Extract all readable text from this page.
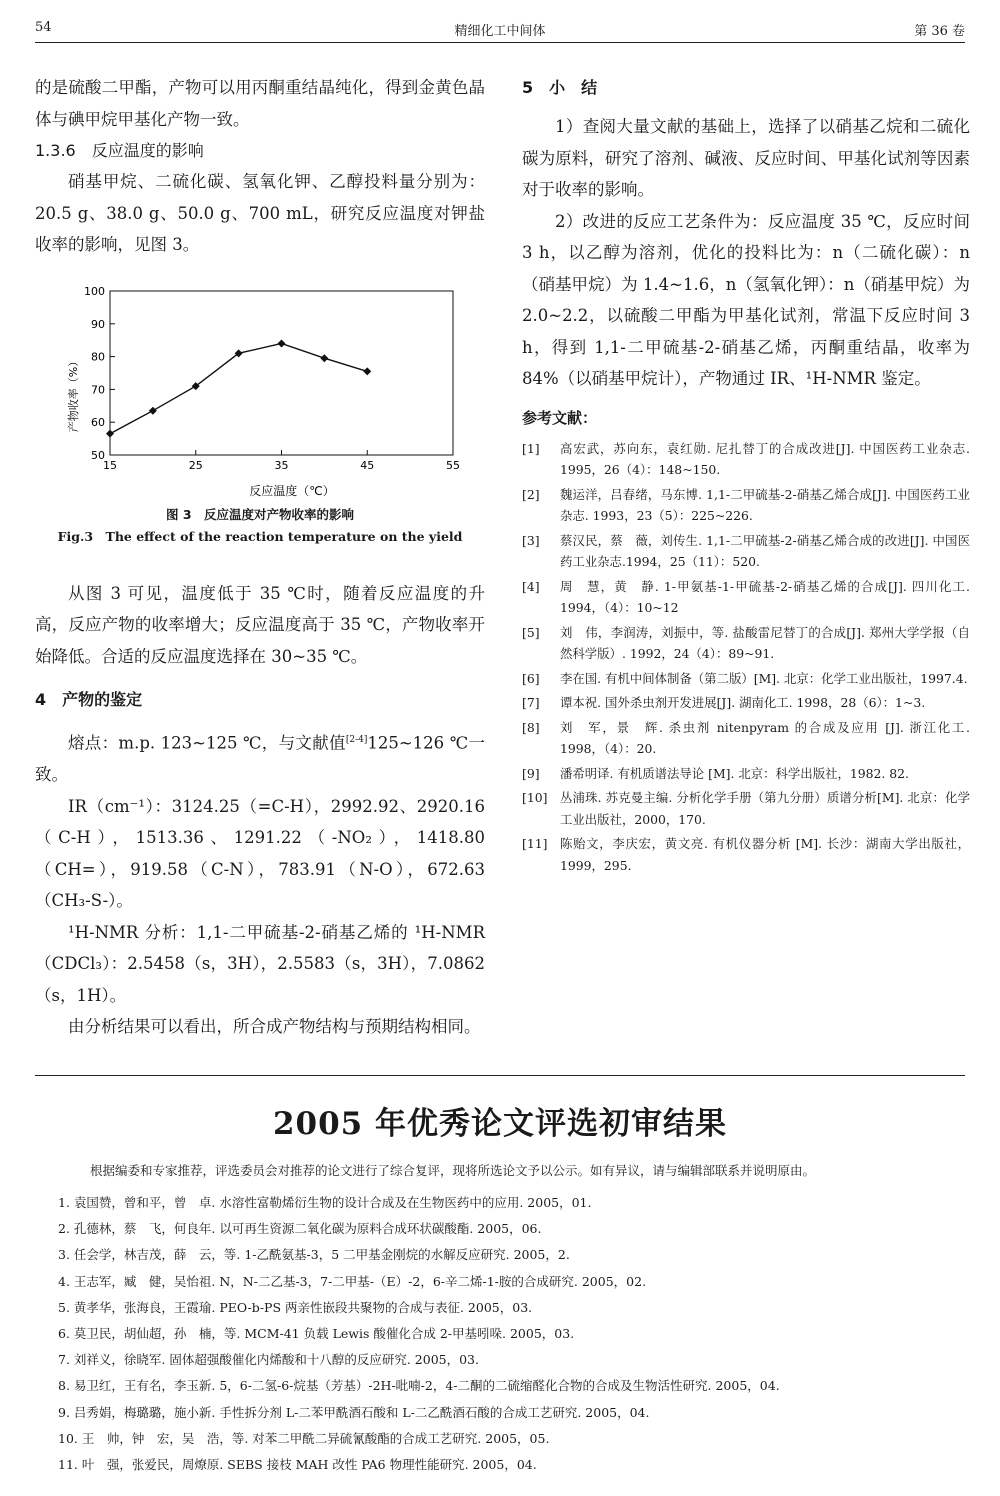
54	精细化工中间体	第 36 卷

的是硫酸二甲酯，产物可以用丙酮重结晶纯化，得到金黄色晶体与碘甲烷甲基化产物一致。

1.3.6　反应温度的影响

硝基甲烷、二硫化碳、氢氧化钾、乙醇投料量分别为：20.5 g、38.0 g、50.0 g、700 mL，研究反应温度对钾盐收率的影响，见图 3。

50
60
70
80
90
100
15	25	35	45	55
反应温度（℃）
产物收率（%）

图 3　反应温度对产物收率的影响

Fig.3　The effect of the reaction temperature on the yield

从图 3 可见，温度低于 35 ℃时，随着反应温度的升高，反应产物的收率增大；反应温度高于 35 ℃，产物收率开始降低。合适的反应温度选择在 30~35 ℃。

4　产物的鉴定

熔点：m.p. 123~125 ℃，与文献值[2-4]125~126 ℃一致。

IR（cm⁻¹）：3124.25（=C-H），2992.92、2920.16（C-H），1513.36、1291.22（-NO₂），1418.80（CH=），919.58（C-N），783.91（N-O），672.63（CH₃-S-）。

¹H-NMR 分析：1,1-二甲硫基-2-硝基乙烯的 ¹H-NMR（CDCl₃）：2.5458（s，3H），2.5583（s，3H），7.0862（s，1H）。

由分析结果可以看出，所合成产物结构与预期结构相同。

5　小　结

1）查阅大量文献的基础上，选择了以硝基乙烷和二硫化碳为原料，研究了溶剂、碱液、反应时间、甲基化试剂等因素对于收率的影响。

2）改进的反应工艺条件为：反应温度 35 ℃，反应时间 3 h，以乙醇为溶剂，优化的投料比为：n（二硫化碳）：n（硝基甲烷）为 1.4~1.6，n（氢氧化钾）：n（硝基甲烷）为 2.0~2.2，以硫酸二甲酯为甲基化试剂，常温下反应时间 3 h，得到 1,1-二甲硫基-2-硝基乙烯，丙酮重结晶，收率为 84%（以硝基甲烷计），产物通过 IR、¹H-NMR 鉴定。

参考文献：

[1]	高宏武，苏向东，袁红勋. 尼扎替丁的合成改进[J]. 中国医药工业杂志. 1995，26（4）：148~150.
[2]	魏运洋，吕春绪，马东博. 1,1-二甲硫基-2-硝基乙烯合成[J]. 中国医药工业杂志. 1993，23（5）：225~226.
[3]	蔡汉民，蔡　薇，刘传生. 1,1-二甲硫基-2-硝基乙烯合成的改进[J]. 中国医药工业杂志.1994，25（11）：520.
[4]	周　慧，黄　静. 1-甲氨基-1-甲硫基-2-硝基乙烯的合成[J]. 四川化工. 1994，（4）：10~12
[5]	刘　伟，李润涛，刘振中，等. 盐酸雷尼替丁的合成[J]. 郑州大学学报（自然科学版）. 1992，24（4）：89~91.
[6]	李在国. 有机中间体制备（第二版）[M]. 北京：化学工业出版社，1997.4.
[7]	谭本祝. 国外杀虫剂开发进展[J]. 湖南化工. 1998，28（6）：1~3.
[8]	刘　军，景　辉. 杀虫剂 nitenpyram 的合成及应用 [J]. 浙江化工. 1998，（4）：20.
[9]	潘希明译. 有机质谱法导论 [M]. 北京：科学出版社，1982. 82.
[10]	丛浦珠. 苏克曼主编. 分析化学手册（第九分册）质谱分析[M]. 北京：化学工业出版社，2000，170.
[11]	陈贻文，李庆宏，黄文亮. 有机仪器分析 [M]. 长沙：湖南大学出版社，1999，295.
2005 年优秀论文评选初审结果
根据编委和专家推荐，评选委员会对推荐的论文进行了综合复评，现将所选论文予以公示。如有异议，请与编辑部联系并说明原由。
1. 袁国赞，曾和平，曾　卓. 水溶性富勒烯衍生物的设计合成及在生物医药中的应用. 2005，01.
2. 孔德林，蔡　飞，何良年. 以可再生资源二氧化碳为原料合成环状碳酸酯. 2005，06.
3. 任会学，林吉茂，薛　云，等. 1-乙酰氨基-3，5 二甲基金刚烷的水解反应研究. 2005，2.
4. 王志军，臧　健，吴怡祖. N，N-二乙基-3，7-二甲基-（E）-2，6-辛二烯-1-胺的合成研究. 2005，02.
5. 黄孝华，张海良，王霞瑜. PEO-b-PS 两亲性嵌段共聚物的合成与表征. 2005，03.
6. 莫卫民，胡仙超，孙　楠，等. MCM-41 负载 Lewis 酸催化合成 2-甲基吲哚. 2005，03.
7. 刘祥义，徐晓军. 固体超强酸催化内烯酸和十八醇的反应研究. 2005，03.
8. 易卫红，王有名，李玉新. 5，6-二氢-6-烷基（芳基）-2H-吡喃-2，4-二酮的二硫缩醛化合物的合成及生物活性研究. 2005，04.
9. 吕秀娟，梅璐璐，施小新. 手性拆分剂 L-二苯甲酰酒石酸和 L-二乙酰酒石酸的合成工艺研究. 2005，04.
10. 王　帅，钟　宏，吴　浩，等. 对苯二甲酰二异硫氰酸酯的合成工艺研究. 2005，05.
11. 叶　强，张爱民，周燎原. SEBS 接枝 MAH 改性 PA6 物理性能研究. 2005，04.
